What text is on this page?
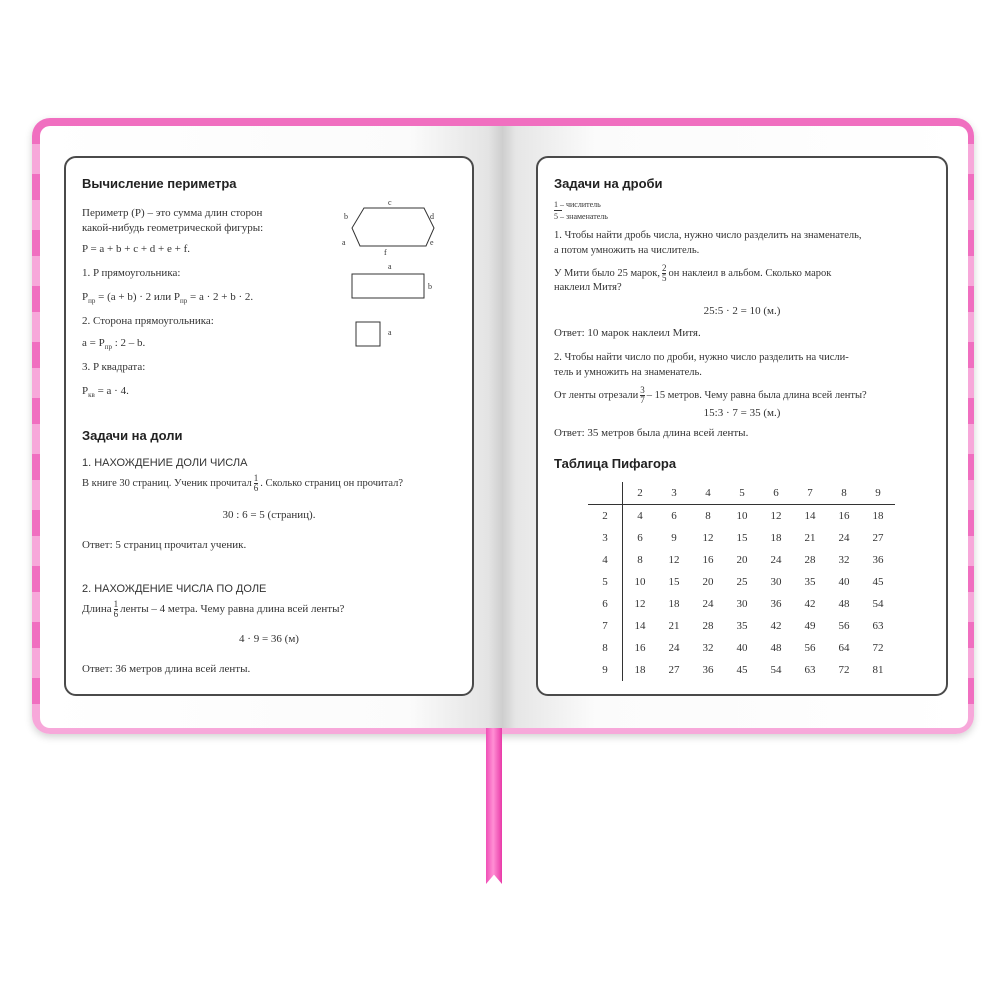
Вычисление периметра
Периметр (P) – это сумма длин сторон
какой-нибудь геометрической фигуры:
P = a + b + c + d + e + f.
1. P прямоугольника:
$P_{пр} = (a + b) \cdot 2$ или $P_{пр} = a \cdot 2 + b \cdot 2$.
2. Сторона прямоугольника:
$a = P_{пр}$ : 2 – b.
3. P квадрата:
$P_{кв} = a \cdot 4$.
c
b	d
a	e
f
a
b
a
Задачи на доли
1. НАХОЖДЕНИЕ ДОЛИ ЧИСЛА
В книге 30 страниц. Ученик прочитал $\frac{1}{6}$ . Сколько страниц он прочитал?
30 : 6 = 5 (страниц).
Ответ: 5 страниц прочитал ученик.
2. НАХОЖДЕНИЕ ЧИСЛА ПО ДОЛЕ
Длина $\frac{1}{6}$ ленты – 4 метра. Чему равна длина всей ленты?
4 · 9 = 36 (м)
Ответ: 36 метров длина всей ленты.
Задачи на дроби
1 – числитель
5 – знаменатель
1. Чтобы найти дробь числа, нужно число разделить на знаменатель,
а потом умножить на числитель.
У Мити было 25 марок, $\frac{2}{5}$ он наклеил в альбом. Сколько марок
наклеил Митя?
25:5 · 2 = 10 (м.)
Ответ: 10 марок наклеил Митя.
2. Чтобы найти число по дроби, нужно число разделить на числи-
тель и умножить на знаменатель.
От ленты отрезали $\frac{3}{7} - 15$ метров. Чему равна была длина всей ленты?
15:3 · 7 = 35 (м.)
Ответ: 35 метров была длина всей ленты.
Таблица Пифагора
	2	3	4	5	6	7	8	9
2	4	6	8	10	12	14	16	18
3	6	9	12	15	18	21	24	27
4	8	12	16	20	24	28	32	36
5	10	15	20	25	30	35	40	45
6	12	18	24	30	36	42	48	54
7	14	21	28	35	42	49	56	63
8	16	24	32	40	48	56	64	72
9	18	27	36	45	54	63	72	81
